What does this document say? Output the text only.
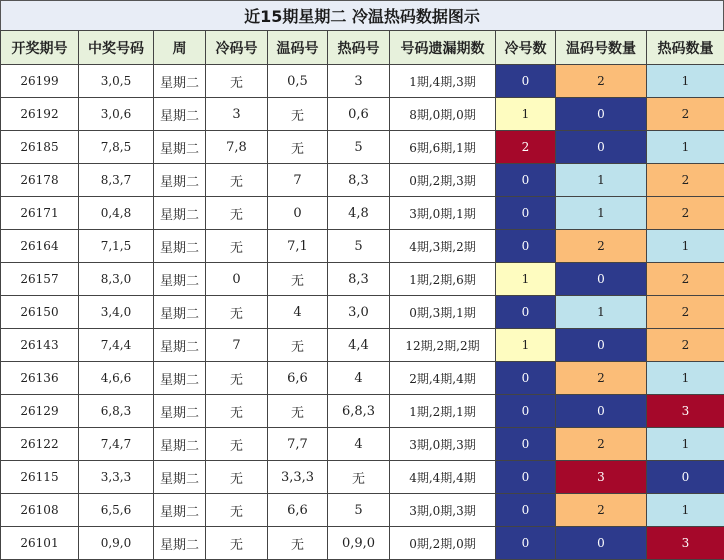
近15期星期二 冷温热码数据图示
开奖期号	中奖号码	周	冷码号	温码号	热码号	号码遗漏期数	冷号数	温码号数量	热码数量
26199	3,0,5	星期二	无	0,5	3	1期,4期,3期	0	2	1
26192	3,0,6	星期二	3	无	0,6	8期,0期,0期	1	0	2
26185	7,8,5	星期二	7,8	无	5	6期,6期,1期	2	0	1
26178	8,3,7	星期二	无	7	8,3	0期,2期,3期	0	1	2
26171	0,4,8	星期二	无	0	4,8	3期,0期,1期	0	1	2
26164	7,1,5	星期二	无	7,1	5	4期,3期,2期	0	2	1
26157	8,3,0	星期二	0	无	8,3	1期,2期,6期	1	0	2
26150	3,4,0	星期二	无	4	3,0	0期,3期,1期	0	1	2
26143	7,4,4	星期二	7	无	4,4	12期,2期,2期	1	0	2
26136	4,6,6	星期二	无	6,6	4	2期,4期,4期	0	2	1
26129	6,8,3	星期二	无	无	6,8,3	1期,2期,1期	0	0	3
26122	7,4,7	星期二	无	7,7	4	3期,0期,3期	0	2	1
26115	3,3,3	星期二	无	3,3,3	无	4期,4期,4期	0	3	0
26108	6,5,6	星期二	无	6,6	5	3期,0期,3期	0	2	1
26101	0,9,0	星期二	无	无	0,9,0	0期,2期,0期	0	0	3
